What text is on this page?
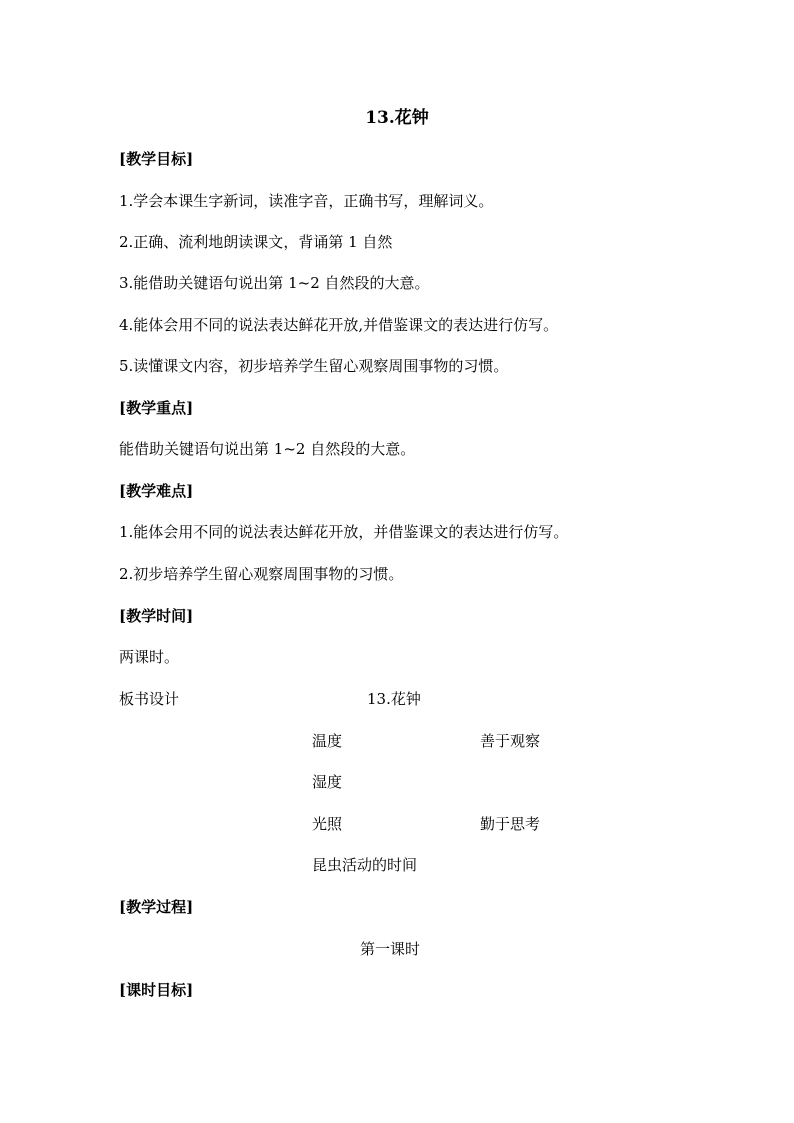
13.花钟
[教学目标]
1.学会本课生字新词，读准字音，正确书写，理解词义。
2.正确、流利地朗读课文，背诵第 1 自然
3.能借助关键语句说出第 1~2 自然段的大意。
4.能体会用不同的说法表达鲜花开放,并借鉴课文的表达进行仿写。
5.读懂课文内容，初步培养学生留心观察周围事物的习惯。
[教学重点]
能借助关键语句说出第 1~2 自然段的大意。
[教学难点]
1.能体会用不同的说法表达鲜花开放，并借鉴课文的表达进行仿写。
2.初步培养学生留心观察周围事物的习惯。
[教学时间]
两课时。
板书设计	13.花钟
温度	善于观察
湿度
光照	勤于思考
昆虫活动的时间
[教学过程]
第一课时
[课时目标]
